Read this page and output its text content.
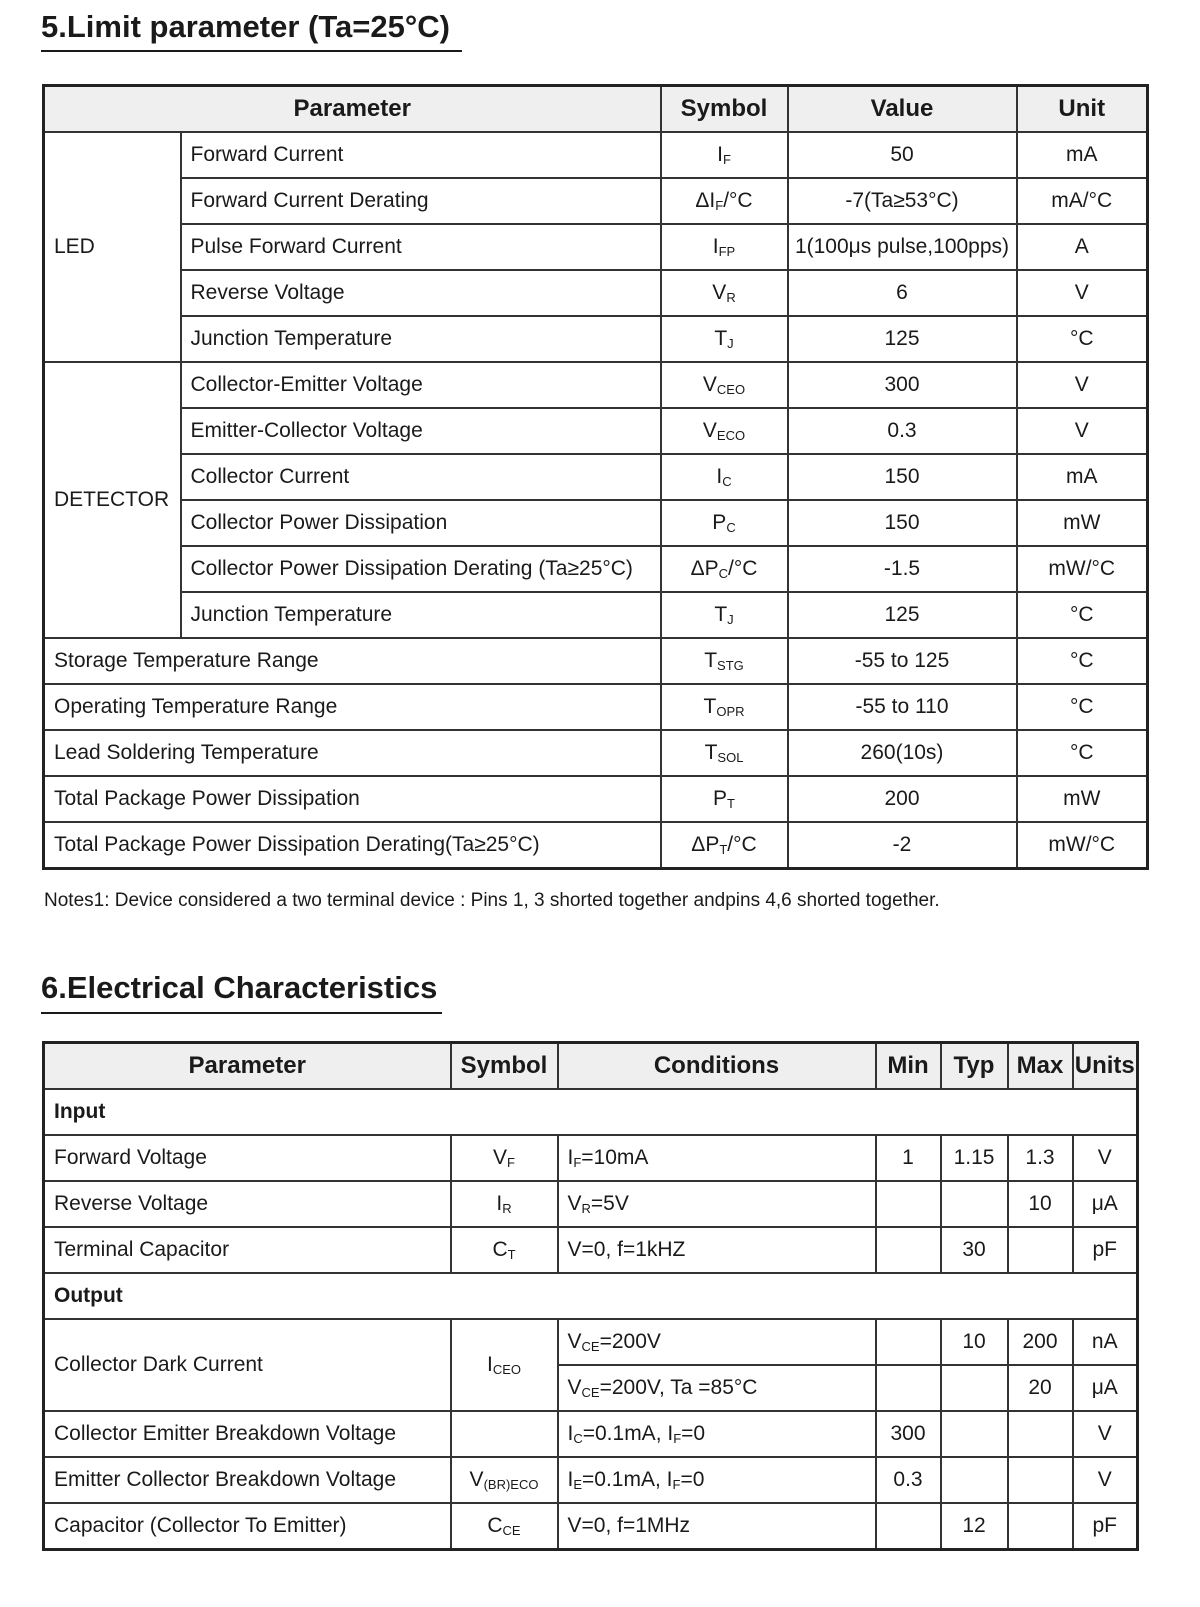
5.Limit parameter (Ta=25°C)
Parameter		Symbol	Value	Unit
LED	Forward Current	$I_F$	50	mA
	Forward Current Derating	$\Delta I_F/^\circ C$	-7(Ta≥53°C)	mA/°C
	Pulse Forward Current	$I_{FP}$	1(100μs pulse,100pps)	A
	Reverse Voltage	$V_R$	6	V
	Junction Temperature	$T_J$	125	°C
DETECTOR	Collector-Emitter Voltage	$V_{CEO}$	300	V
	Emitter-Collector Voltage	$V_{ECO}$	0.3	V
	Collector Current	$I_C$	150	mA
	Collector Power Dissipation	$P_C$	150	mW
	Collector Power Dissipation Derating (Ta≥25°C)	$\Delta P_C/^\circ C$	-1.5	mW/°C
	Junction Temperature	$T_J$	125	°C
Storage Temperature Range		$T_{STG}$	-55 to 125	°C
Operating Temperature Range		$T_{OPR}$	-55 to 110	°C
Lead Soldering Temperature		$T_{SOL}$	260(10s)	°C
Total Package Power Dissipation		$P_T$	200	mW
Total Package Power Dissipation Derating(Ta≥25°C)		$\Delta P_T/^\circ C$	-2	mW/°C

Notes1: Device considered a two terminal device : Pins 1, 3 shorted together andpins 4,6 shorted together.

6.Electrical Characteristics
Parameter	Symbol	Conditions	Min	Typ	Max	Units
Input						
Forward Voltage	$V_F$	$I_F=10mA$	1	1.15	1.3	V
Reverse Voltage	$I_R$	$V_R=5V$			10	μA
Terminal Capacitor	$C_T$	V=0, f=1kHZ		30		pF
Output						
Collector Dark Current	$I_{CEO}$	$V_{CE}=200V$		10	200	nA
		$V_{CE}=200V$, Ta =85°C			20	μA
Collector Emitter Breakdown Voltage		$I_C=0.1mA$, $I_F=0$	300			V
Emitter Collector Breakdown Voltage	$V_{(BR)ECO}$	$I_E=0.1mA$, $I_F=0$	0.3			V
Capacitor (Collector To Emitter)	$C_{CE}$	V=0, f=1MHz		12		pF
